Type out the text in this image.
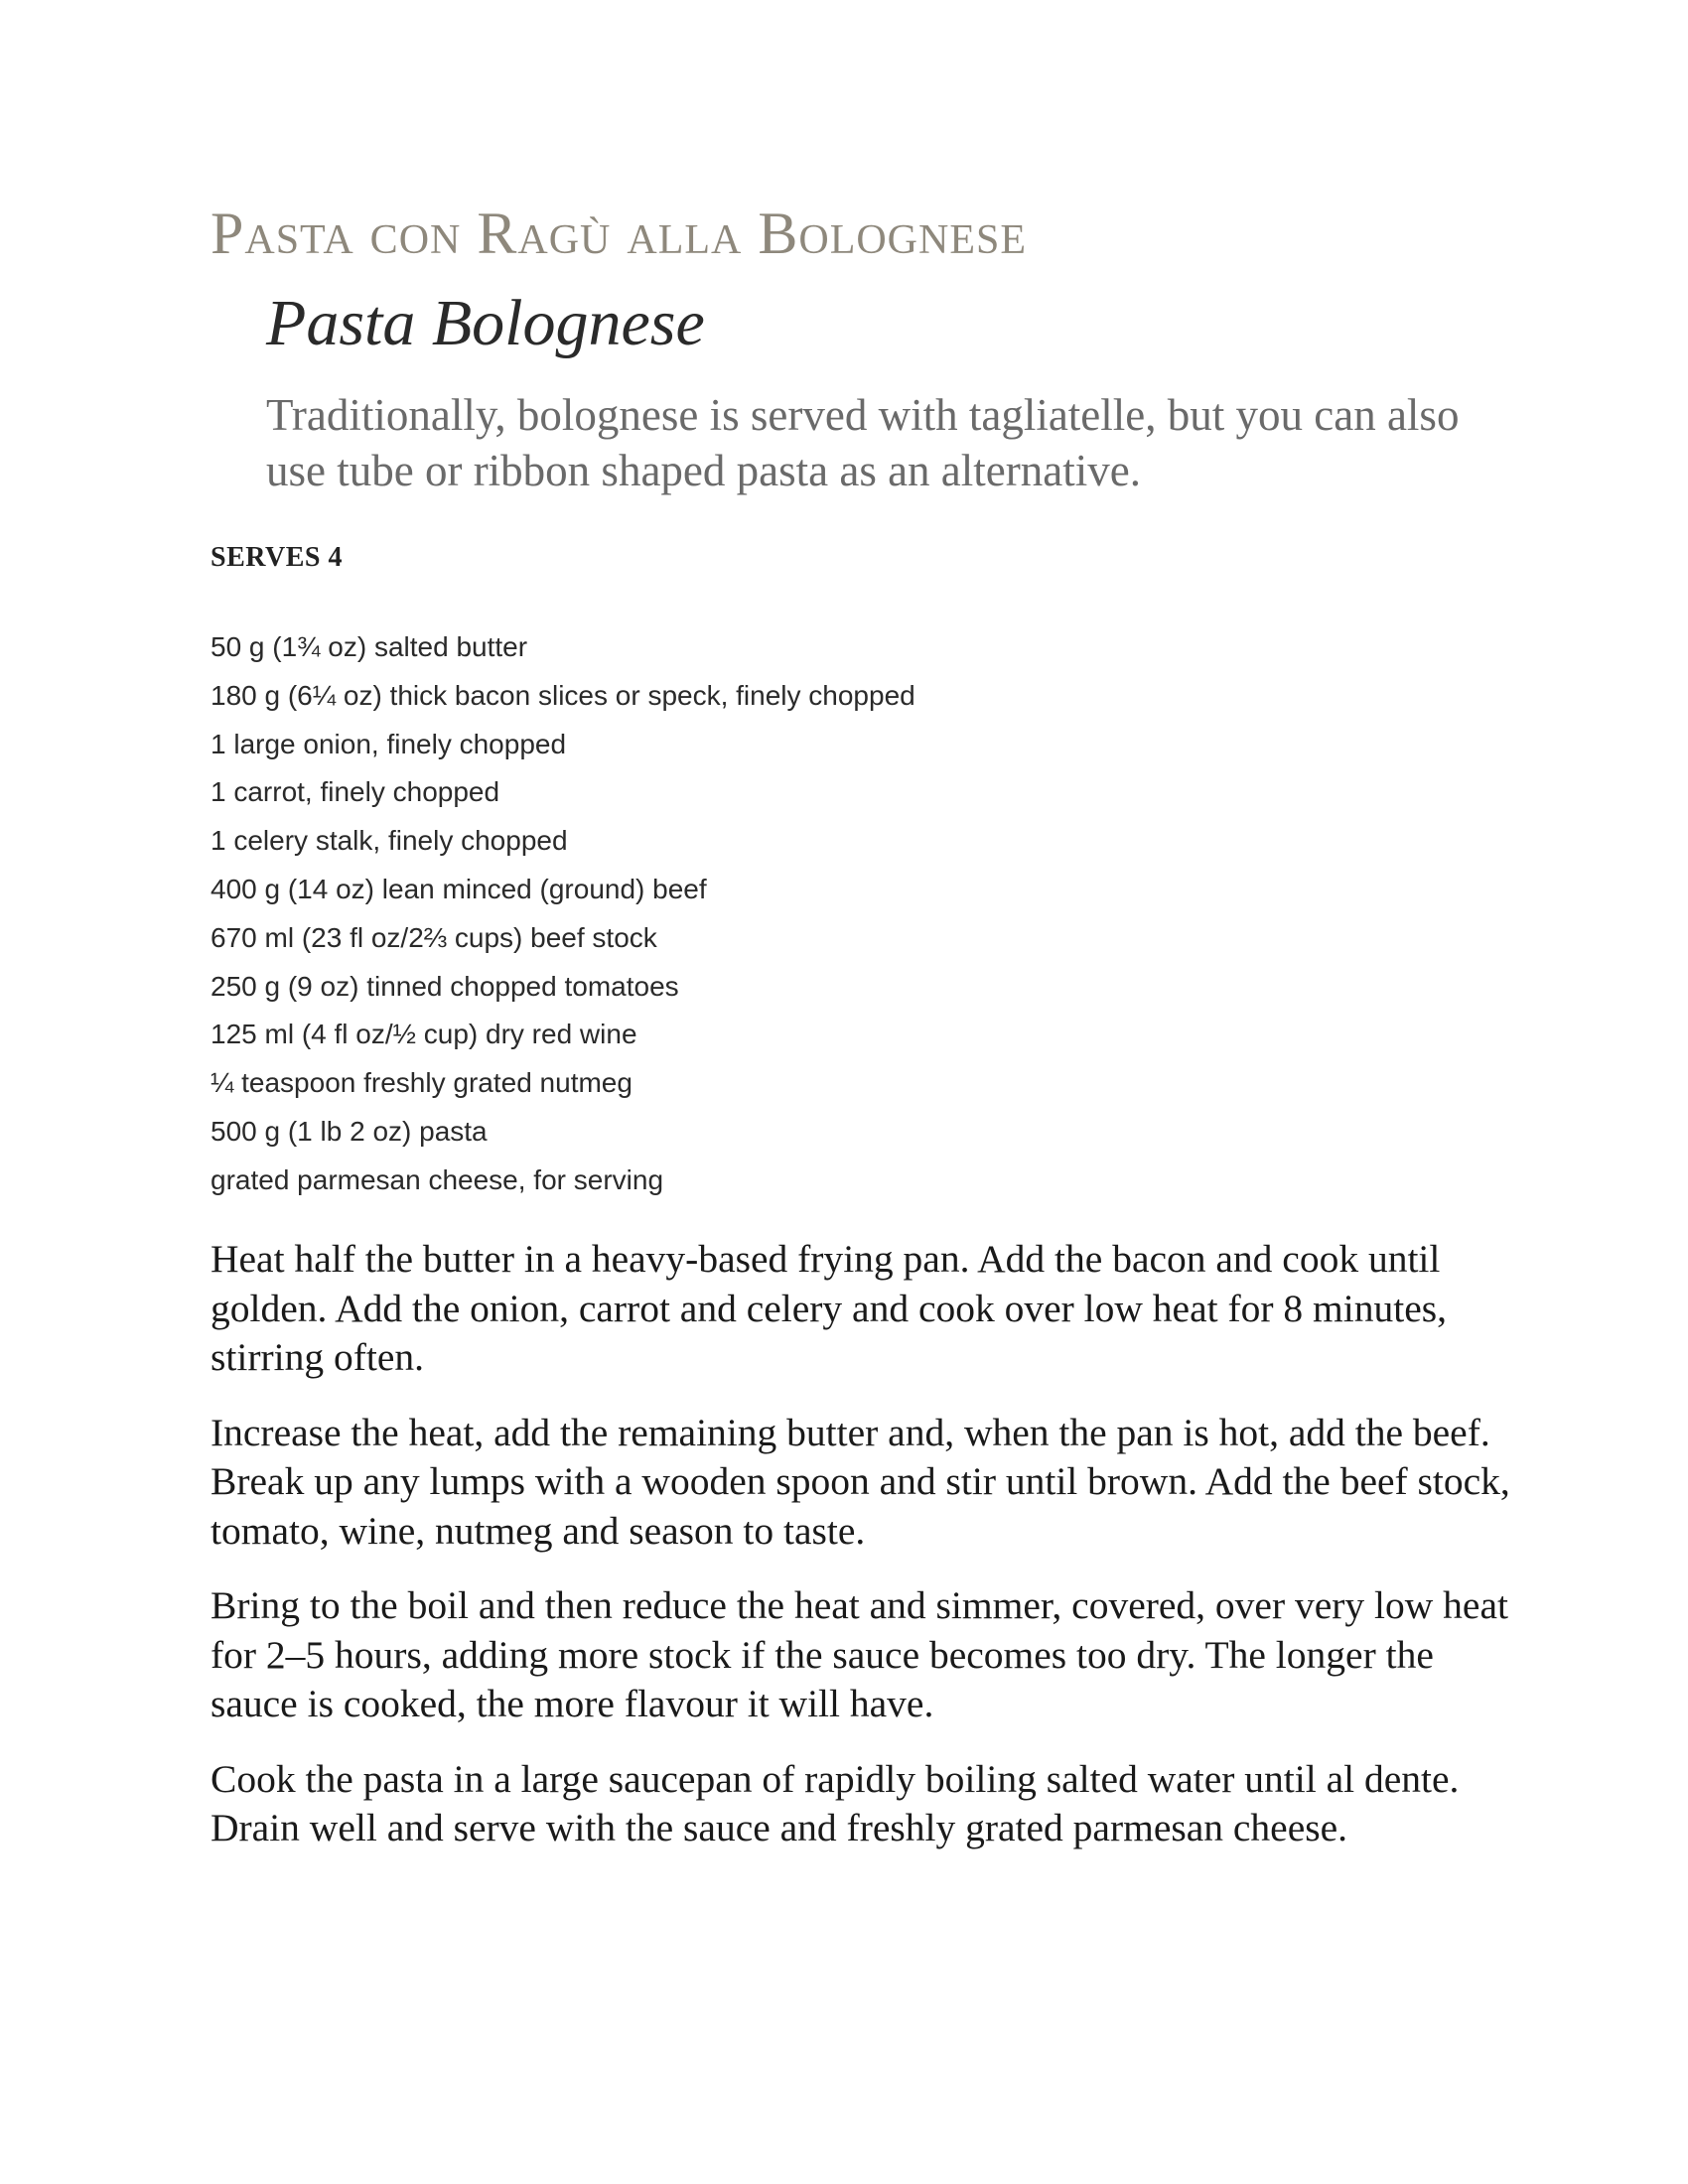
Pasta con Ragù alla Bolognese
Pasta Bolognese

Traditionally, bolognese is served with tagliatelle, but you can also use tube or ribbon shaped pasta as an alternative.

SERVES 4
50 g (1¾ oz) salted butter
180 g (6¼ oz) thick bacon slices or speck, finely chopped
1 large onion, finely chopped
1 carrot, finely chopped
1 celery stalk, finely chopped
400 g (14 oz) lean minced (ground) beef
670 ml (23 fl oz/2⅔ cups) beef stock
250 g (9 oz) tinned chopped tomatoes
125 ml (4 fl oz/½ cup) dry red wine
¼ teaspoon freshly grated nutmeg
500 g (1 lb 2 oz) pasta
grated parmesan cheese, for serving

Heat half the butter in a heavy-based frying pan. Add the bacon and cook until golden. Add the onion, carrot and celery and cook over low heat for 8 minutes, stirring often.

Increase the heat, add the remaining butter and, when the pan is hot, add the beef. Break up any lumps with a wooden spoon and stir until brown. Add the beef stock, tomato, wine, nutmeg and season to taste.

Bring to the boil and then reduce the heat and simmer, covered, over very low heat for 2–5 hours, adding more stock if the sauce becomes too dry. The longer the sauce is cooked, the more flavour it will have.

Cook the pasta in a large saucepan of rapidly boiling salted water until al dente. Drain well and serve with the sauce and freshly grated parmesan cheese.
